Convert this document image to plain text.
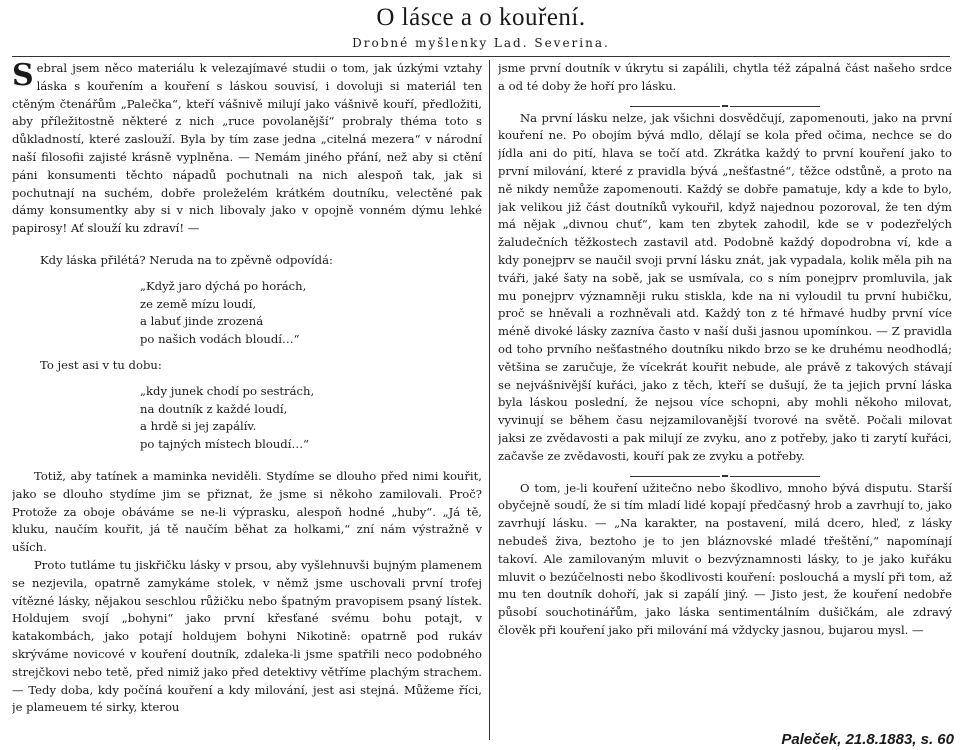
O lásce a o kouření.
Drobné myšlenky Lad. Severina.

Sebral jsem něco materiálu k velezajímavé studii o tom, jak úzkými vztahy láska s kouřením a kouření s láskou souvisí, i dovoluji si materiál ten ctěným čtenářům „Palečka“, kteří vášnivě milují jako vášnivě kouří, předložiti, aby příležitostně některé z nich „ruce povolanější“ probraly théma toto s důkladností, které zaslouží. Byla by tím zase jedna „citelná mezera“ v národní naší filosofii zajisté krásně vyplněna. — Nemám jiného přání, než aby si ctění páni konsumenti těchto nápadů pochutnali na nich alespoň tak, jak si pochutnají na suchém, dobře proleželém krátkém doutníku, velectěné pak dámy konsumentky aby si v nich libovaly jako v opojně vonném dýmu lehké papirosy! Ať slouží ku zdraví! —

Kdy láska přilétá? Neruda na to zpěvně odpovídá:

„Když jaro dýchá po horách,
ze země mízu loudí,
a labuť jinde zrozená
po našich vodách bloudí…“

To jest asi v tu dobu:

„kdy junek chodí po sestrách,
na doutník z každé loudí,
a hrdě si jej zapálív.
po tajných místech bloudí…“

Totiž, aby tatínek a maminka neviděli. Stydíme se dlouho před nimi kouřit, jako se dlouho stydíme jim se přiznat, že jsme si někoho zamilovali. Proč? Protože za oboje obáváme se ne-li výprasku, alespoň hodné „huby“. „Já tě, kluku, naučím kouřit, já tě naučím běhat za holkami,“ zní nám výstražně v uších.

Proto tutláme tu jiskřičku lásky v prsou, aby vyšlehnuvši bujným plamenem se nezjevila, opatrně zamykáme stolek, v němž jsme uschovali první trofej vítězné lásky, nějakou seschlou růžičku nebo špatným pravopisem psaný lístek. Holdujem svojí „bohyni“ jako první křesťané svému bohu potajt, v katakombách, jako potají holdujem bohyni Nikotině: opatrně pod rukáv skrýváme novicové v kouření doutník, zdaleka-li jsme spatřili neco podobného strejčkovi nebo tetě, před nimiž jako před detektivy větříme plachým strachem. — Tedy doba, kdy počíná kouření a kdy milování, jest asi stejná. Můžeme říci, je plameuem té sirky, kterou

jsme první doutník v úkrytu si zapálili, chytla též zápalná část našeho srdce a od té doby že hoří pro lásku.

Na první lásku nelze, jak všichni dosvědčují, zapomenouti, jako na první kouření ne. Po obojím bývá mdlo, dělají se kola před očima, nechce se do jídla ani do pití, hlava se točí atd. Zkrátka každý to první kouření jako to první milování, které z pravidla bývá „nešťastné“, těžce odstůně, a proto na ně nikdy nemůže zapomenouti. Každý se dobře pamatuje, kdy a kde to bylo, jak velikou již část doutníků vykouřil, když najednou pozoroval, že ten dým má nějak „divnou chuť“, kam ten zbytek zahodil, kde se v podezřelých žaludečních těžkostech zastavil atd. Podobně každý dopodrobna ví, kde a kdy ponejprv se naučil svoji první lásku znát, jak vypadala, kolik měla pih na tváři, jaké šaty na sobě, jak se usmívala, co s ním ponejprv promluvila, jak mu ponejprv významněji ruku stiskla, kde na ni vyloudil tu první hubičku, proč se hněvali a rozhněvali atd. Každý ton z té hřmavé hudby první více méně divoké lásky zazníva často v naší duši jasnou upomínkou. — Z pravidla od toho prvního nešťastného doutníku nikdo brzo se ke druhému neodhodlá; většina se zaručuje, že vícekrát kouřit nebude, ale právě z takových stávají se nejvášnivější kuřáci, jako z těch, kteří se dušují, že ta jejich první láska byla láskou poslední, že nejsou více schopni, aby mohli někoho milovat, vyvinují se během času nejzamilovanější tvorové na světě. Počali milovat jaksi ze zvědavosti a pak milují ze zvyku, ano z potřeby, jako ti zarytí kuřáci, začavše ze zvědavosti, kouří pak ze zvyku a potřeby.

O tom, je-li kouření užitečno nebo škodlivo, mnoho bývá disputu. Starší obyčejně soudí, že si tím mladí lidé kopají předčasný hrob a zavrhují to, jako zavrhují lásku. — „Na karakter, na postavení, milá dcero, hleď, z lásky nebudeš živa, beztoho je to jen bláznovské mladé třeštění,“ napomínají takoví. Ale zamilovaným mluvit o bezvýznamnosti lásky, to je jako kuřáku mluvit o bezúčelnosti nebo škodlivosti kouření: poslouchá a myslí při tom, až mu ten doutník dohoří, jak si zapálí jiný. — Jisto jest, že kouření nedobře působí souchotinářům, jako láska sentimentálním dušičkám, ale zdravý člověk při kouření jako při milování má vždycky jasnou, bujarou mysl. —

Paleček, 21.8.1883, s. 60
